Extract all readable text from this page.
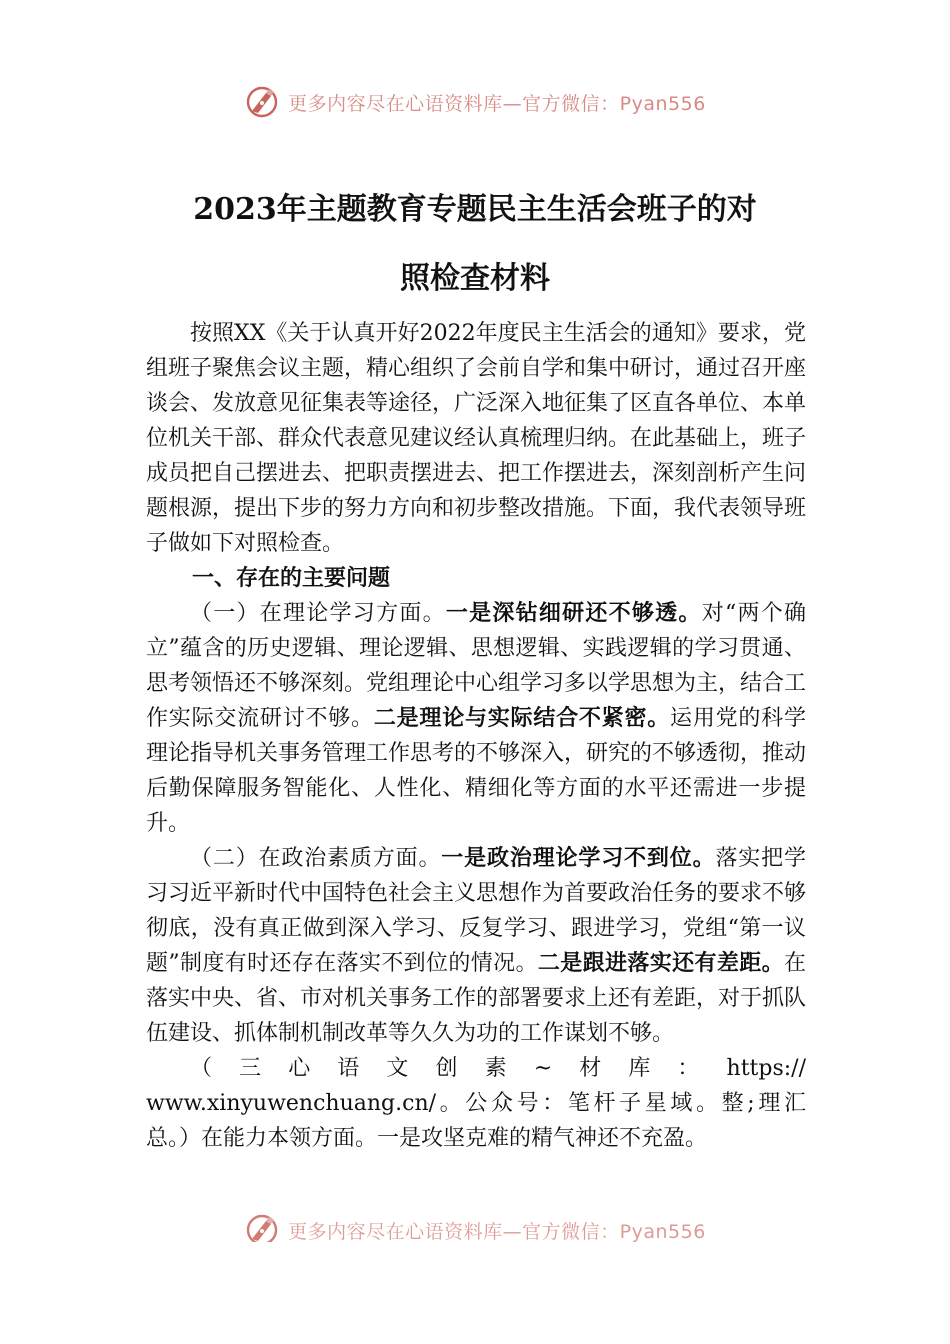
更多内容尽在心语资料库—官方微信：Pyan556
2023年主题教育专题民主生活会班子的对
照检查材料

按照XX《关于认真开好2022年度民主生活会的通知》要求，党组班子聚焦会议主题，精心组织了会前自学和集中研讨，通过召开座谈会、发放意见征集表等途径，广泛深入地征集了区直各单位、本单位机关干部、群众代表意见建议经认真梳理归纳。在此基础上，班子成员把自己摆进去、把职责摆进去、把工作摆进去，深刻剖析产生问题根源，提出下步的努力方向和初步整改措施。下面，我代表领导班子做如下对照检查。

一、存在的主要问题

（一）在理论学习方面。一是深钻细研还不够透。对“两个确立”蕴含的历史逻辑、理论逻辑、思想逻辑、实践逻辑的学习贯通、思考领悟还不够深刻。党组理论中心组学习多以学思想为主，结合工作实际交流研讨不够。二是理论与实际结合不紧密。运用党的科学理论指导机关事务管理工作思考的不够深入，研究的不够透彻，推动后勤保障服务智能化、人性化、精细化等方面的水平还需进一步提升。

（二）在政治素质方面。一是政治理论学习不到位。落实把学习习近平新时代中国特色社会主义思想作为首要政治任务的要求不够彻底，没有真正做到深入学习、反复学习、跟进学习，党组“第一议题”制度有时还存在落实不到位的情况。二是跟进落实还有差距。在落实中央、省、市对机关事务工作的部署要求上还有差距，对于抓队伍建设、抓体制机制改革等久久为功的工作谋划不够。

（三心语文创素~材库：https://
www.xinyuwenchuang.cn/。公众号：笔杆子星域。整;理汇
总。）在能力本领方面。一是攻坚克难的精气神还不充盈。
更多内容尽在心语资料库—官方微信：Pyan556
